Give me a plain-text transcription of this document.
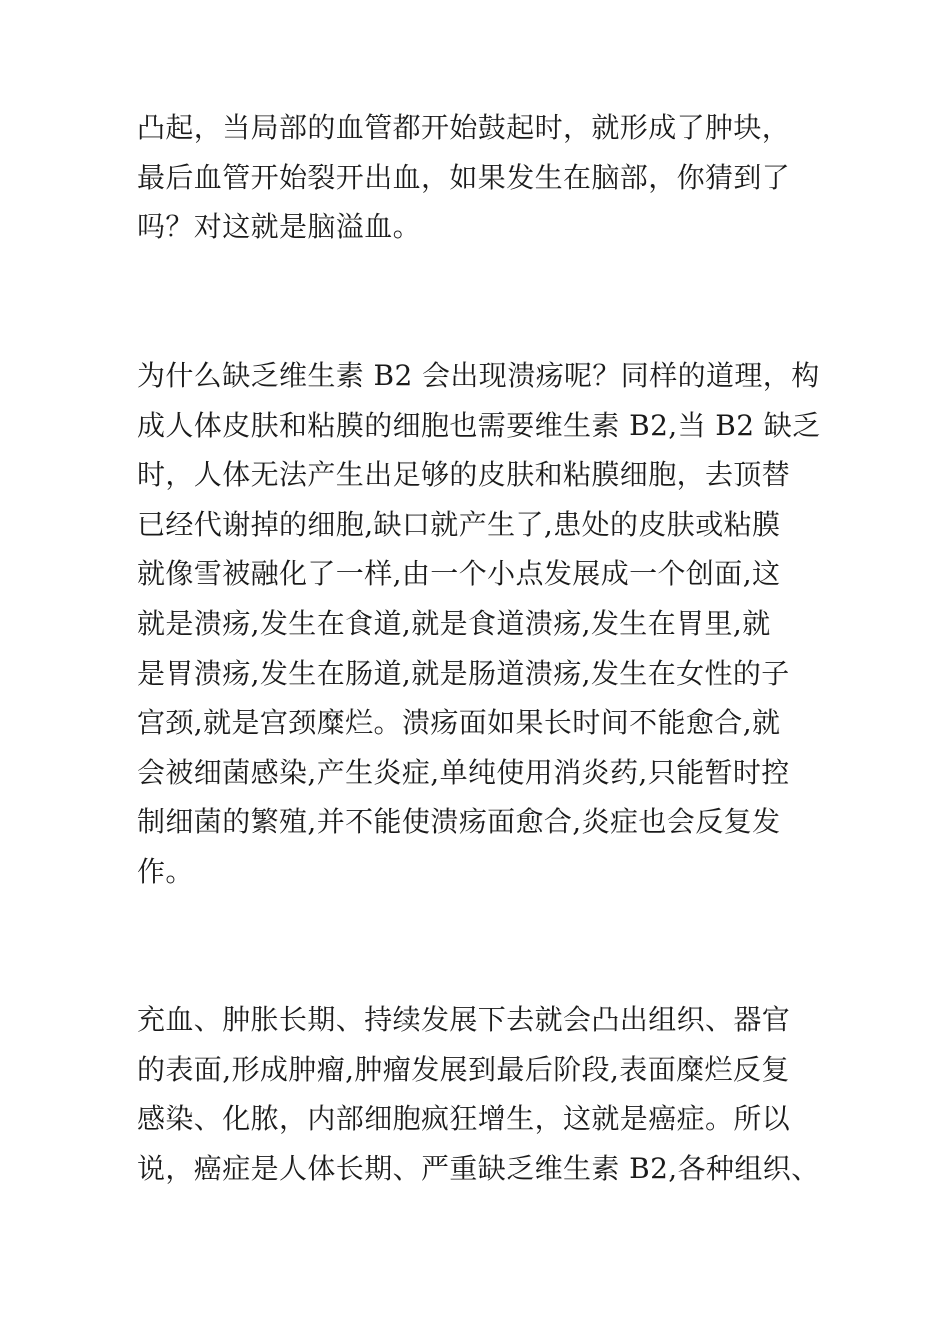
凸起，当局部的血管都开始鼓起时，就形成了肿块，
最后血管开始裂开出血，如果发生在脑部，你猜到了
吗？对这就是脑溢血。

为什么缺乏维生素 B2 会出现溃疡呢？同样的道理，构
成人体皮肤和粘膜的细胞也需要维生素 B2,当 B2 缺乏
时，人体无法产生出足够的皮肤和粘膜细胞，去顶替
已经代谢掉的细胞,缺口就产生了,患处的皮肤或粘膜
就像雪被融化了一样,由一个小点发展成一个创面,这
就是溃疡,发生在食道,就是食道溃疡,发生在胃里,就
是胃溃疡,发生在肠道,就是肠道溃疡,发生在女性的子
宫颈,就是宫颈糜烂。溃疡面如果长时间不能愈合,就
会被细菌感染,产生炎症,单纯使用消炎药,只能暂时控
制细菌的繁殖,并不能使溃疡面愈合,炎症也会反复发
作。

充血、肿胀长期、持续发展下去就会凸出组织、器官
的表面,形成肿瘤,肿瘤发展到最后阶段,表面糜烂反复
感染、化脓，内部细胞疯狂增生，这就是癌症。所以
说，癌症是人体长期、严重缺乏维生素 B2,各种组织、
